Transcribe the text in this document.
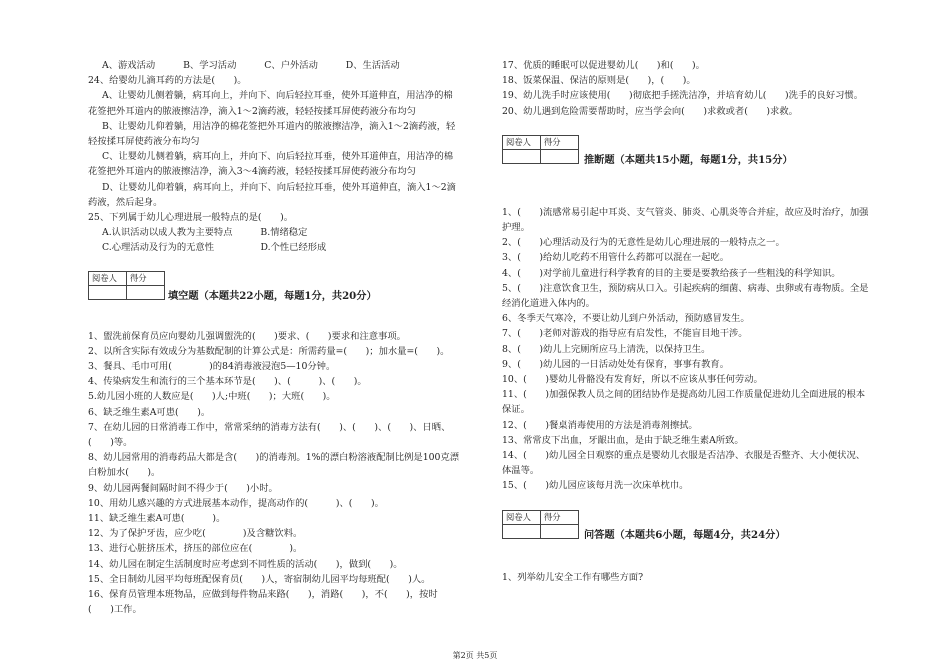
A、游戏活动　　　B、学习活动　　　C、户外活动　　　D、生活活动
24、给婴幼儿滴耳药的方法是(　　)。
A、让婴幼儿侧着躺，病耳向上，并向下、向后轻拉耳垂，使外耳道伸直，用洁净的棉花签把外耳道内的脓液擦洁净，滴入1～2滴药液，轻轻按揉耳屏使药液分布均匀
B、让婴幼儿仰着躺，用洁净的棉花签把外耳道内的脓液擦洁净，滴入1～2滴药液，轻轻按揉耳屏使药液分布均匀
C、让婴幼儿侧着躺，病耳向上，并向下、向后轻拉耳垂，使外耳道伸直，用洁净的棉花签把外耳道内的脓液擦洁净，滴入3～4滴药液，轻轻按揉耳屏使药液分布均匀
D、让婴幼儿仰着躺，病耳向上，并向下、向后轻拉耳垂，使外耳道伸直，滴入1～2滴药液，然后起身。
25、下列属于幼儿心理进展一般特点的是(　　)。
A.认识活动以成人教为主要特点　　　B.情绪稳定
C.心理活动及行为的无意性　　　　　D.个性已经形成
阅卷人	得分

填空题（本题共22小题，每题1分，共20分）
1、盥洗前保育员应向婴幼儿强调盥洗的(　　)要求、(　　)要求和注意事项。
2、以所含实际有效成分为基数配制的计算公式是：所需药量=(　　)；加水量=(　　)。
3、餐具、毛巾可用(　　　　)的84消毒液浸泡5—10分钟。
4、传染病发生和流行的三个基本环节是(　　)、(　　　)、(　　)。
5.幼儿园小班的人数应是(　　)人;中班(　　)；大班(　　)。
6、缺乏维生素A可患(　　)。
7、在幼儿园的日常消毒工作中，常常采纳的消毒方法有(　　)、(　　)、(　　)、日晒、(　　)等。
8、幼儿园常用的消毒药品大都是含(　　)的消毒剂。1%的漂白粉溶液配制比例是100克漂白粉加水(　　)。
9、幼儿园两餐间隔时间不得少于(　　)小时。
10、用幼儿感兴趣的方式进展基本动作，提高动作的(　　　)、(　　)。
11、缺乏维生素A可患(　　　)。
12、为了保护牙齿，应少吃(　　　　)及含糖饮料。
13、进行心脏挤压术，挤压的部位应在(　　　　)。
14、幼儿园在制定生活制度时应考虑到不同性质的活动(　　)，做到(　　)。
15、全日制幼儿园平均每班配保育员(　　)人，寄宿制幼儿园平均每班配(　　)人。
16、保育员管理本班物品，应做到每件物品来路(　　)，消路(　　)，不(　　)，按时(　　)工作。
17、优质的睡眠可以促进婴幼儿(　　)和(　　)。
18、饭菜保温、保洁的原则是(　　)，(　　)。
19、幼儿洗手时应该使用(　　)彻底把手搓洗洁净，并培育幼儿(　　)洗手的良好习惯。
20、幼儿遇到危险需要帮助时，应当学会向(　　)求救或者(　　)求救。
阅卷人	得分

推断题（本题共15小题，每题1分，共15分）
1、(　　)流感常易引起中耳炎、支气管炎、肺炎、心肌炎等合并症，故应及时治疗，加强护理。
2、(　　)心理活动及行为的无意性是幼儿心理进展的一般特点之一。
3、(　　)给幼儿吃药不用管什么药都可以混在一起吃。
4、(　　)对学前儿童进行科学教育的目的主要是要教给孩子一些粗浅的科学知识。
5、(　　)注意饮食卫生，预防病从口入。引起疾病的细菌、病毒、虫卵或有毒物质。全是经消化道进入体内的。
6、冬季天气寒冷，不要让幼儿到户外活动，预防感冒发生。
7、(　　)老师对游戏的指导应有启发性，不能盲目地干涉。
8、(　　)幼儿上完厕所应马上清洗，以保持卫生。
9、(　　)幼儿园的一日活动处处有保育，事事有教育。
10、(　　)婴幼儿骨骼没有发育好，所以不应该从事任何劳动。
11、(　　)加强保教人员之间的团结协作是提高幼儿园工作质量促进幼儿全面进展的根本保证。
12、(　　)餐桌消毒使用的方法是消毒剂擦拭。
13、常常皮下出血，牙龈出血，是由于缺乏维生素A所致。
14、(　　)幼儿园全日观察的重点是婴幼儿衣服是否洁净、衣服是否整齐、大小便状况、体温等。
15、(　　)幼儿园应该每月洗一次床单枕巾。
阅卷人	得分

问答题（本题共6小题，每题4分，共24分）
1、列举幼儿安全工作有哪些方面?
第2页 共5页
